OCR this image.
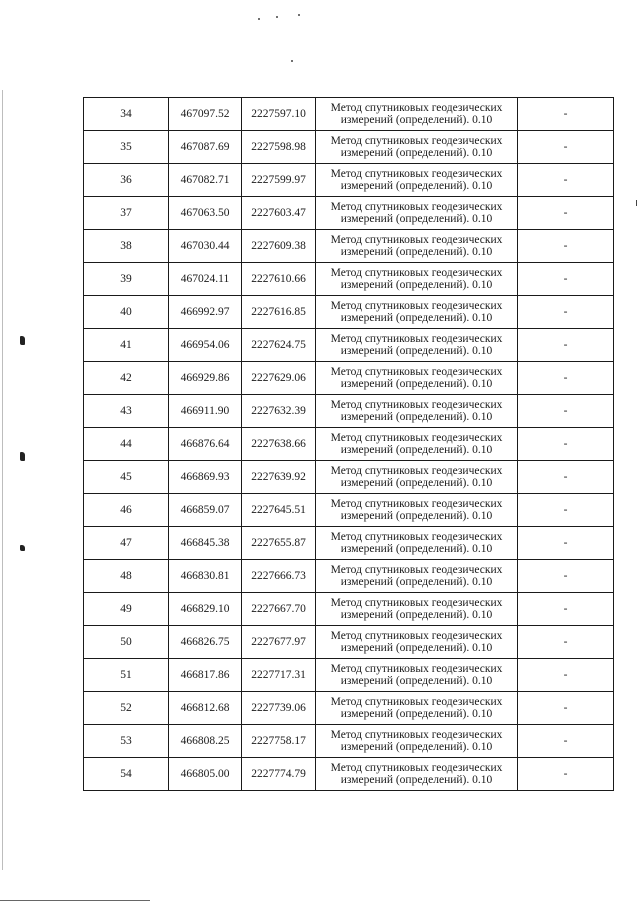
34	467097.52	2227597.10	Метод спутниковых геодезических
измерений (определений). 0.10	-
35	467087.69	2227598.98	Метод спутниковых геодезических
измерений (определений). 0.10	-
36	467082.71	2227599.97	Метод спутниковых геодезических
измерений (определений). 0.10	-
37	467063.50	2227603.47	Метод спутниковых геодезических
измерений (определений). 0.10	-
38	467030.44	2227609.38	Метод спутниковых геодезических
измерений (определений). 0.10	-
39	467024.11	2227610.66	Метод спутниковых геодезических
измерений (определений). 0.10	-
40	466992.97	2227616.85	Метод спутниковых геодезических
измерений (определений). 0.10	-
41	466954.06	2227624.75	Метод спутниковых геодезических
измерений (определений). 0.10	-
42	466929.86	2227629.06	Метод спутниковых геодезических
измерений (определений). 0.10	-
43	466911.90	2227632.39	Метод спутниковых геодезических
измерений (определений). 0.10	-
44	466876.64	2227638.66	Метод спутниковых геодезических
измерений (определений). 0.10	-
45	466869.93	2227639.92	Метод спутниковых геодезических
измерений (определений). 0.10	-
46	466859.07	2227645.51	Метод спутниковых геодезических
измерений (определений). 0.10	-
47	466845.38	2227655.87	Метод спутниковых геодезических
измерений (определений). 0.10	-
48	466830.81	2227666.73	Метод спутниковых геодезических
измерений (определений). 0.10	-
49	466829.10	2227667.70	Метод спутниковых геодезических
измерений (определений). 0.10	-
50	466826.75	2227677.97	Метод спутниковых геодезических
измерений (определений). 0.10	-
51	466817.86	2227717.31	Метод спутниковых геодезических
измерений (определений). 0.10	-
52	466812.68	2227739.06	Метод спутниковых геодезических
измерений (определений). 0.10	-
53	466808.25	2227758.17	Метод спутниковых геодезических
измерений (определений). 0.10	-
54	466805.00	2227774.79	Метод спутниковых геодезических
измерений (определений). 0.10	-
